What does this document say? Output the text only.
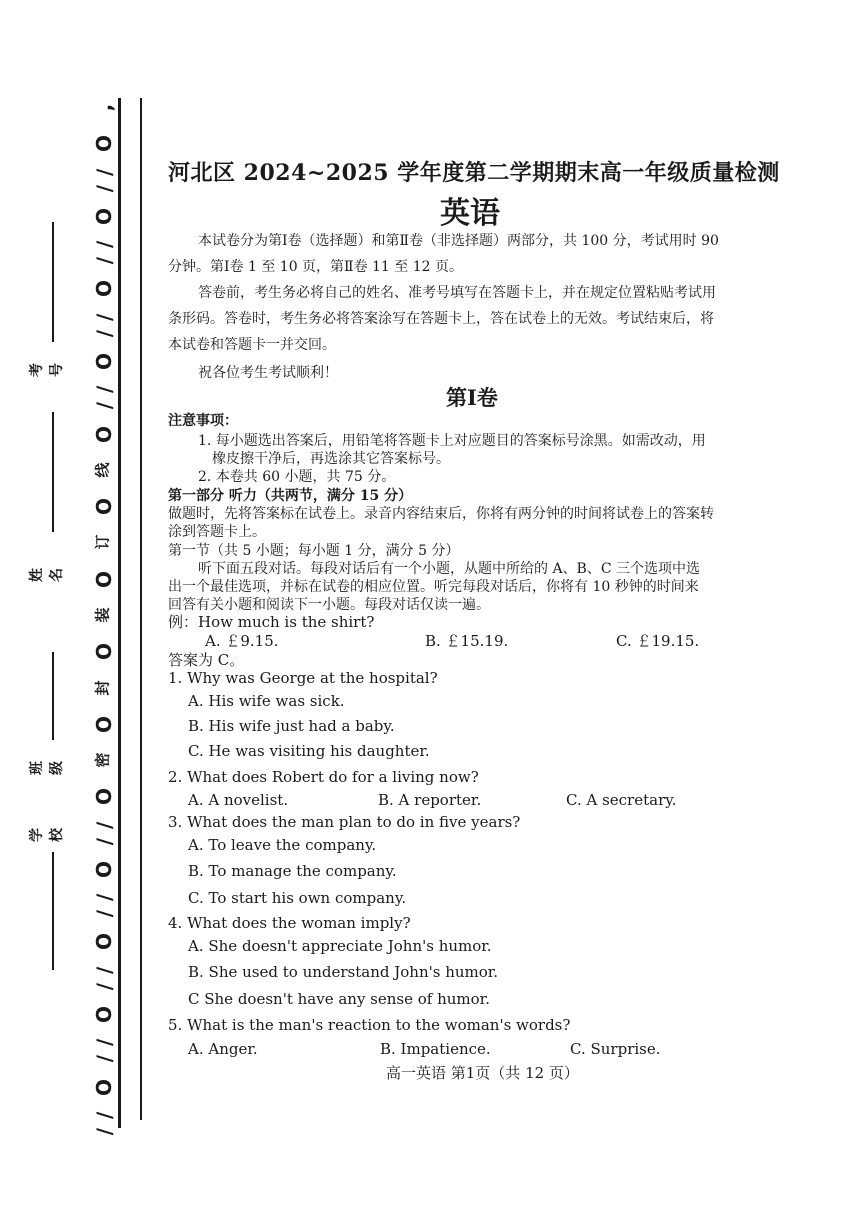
,
O
/ /
O
/ /
O
/ /
O
/ /
O
线
O
订
O
装
O
封
O
密
O
/ /
O
/ /
O
/ /
O
/ /
O
/ /
考号
姓名
班级
学校
河北区 2024~2025 学年度第二学期期末高一年级质量检测
英语
本试卷分为第Ⅰ卷（选择题）和第Ⅱ卷（非选择题）两部分，共 100 分，考试用时 90
分钟。第Ⅰ卷 1 至 10 页，第Ⅱ卷 11 至 12 页。
答卷前，考生务必将自己的姓名、准考号填写在答题卡上，并在规定位置粘贴考试用
条形码。答卷时，考生务必将答案涂写在答题卡上，答在试卷上的无效。考试结束后，将
本试卷和答题卡一并交回。
祝各位考生考试顺利！
第Ⅰ卷
注意事项：
1. 每小题选出答案后，用铅笔将答题卡上对应题目的答案标号涂黑。如需改动，用
橡皮擦干净后，再选涂其它答案标号。
2. 本卷共 60 小题，共 75 分。
第一部分 听力（共两节，满分 15 分）
做题时，先将答案标在试卷上。录音内容结束后，你将有两分钟的时间将试卷上的答案转
涂到答题卡上。
第一节（共 5 小题；每小题 1 分，满分 5 分）
听下面五段对话。每段对话后有一个小题，从题中所给的 A、B、C 三个选项中选
出一个最佳选项，并标在试卷的相应位置。听完每段对话后，你将有 10 秒钟的时间来
回答有关小题和阅读下一小题。每段对话仅读一遍。
例：How much is the shirt?
A. ￡9.15.	B. ￡15.19.	C. ￡19.15.
答案为 C。
1. Why was George at the hospital?
A. His wife was sick.
B. His wife just had a baby.
C. He was visiting his daughter.
2. What does Robert do for a living now?
A. A novelist.	B. A reporter.	C. A secretary.
3. What does the man plan to do in five years?
A. To leave the company.
B. To manage the company.
C. To start his own company.
4. What does the woman imply?
A. She doesn't appreciate John's humor.
B. She used to understand John's humor.
C She doesn't have any sense of humor.
5. What is the man's reaction to the woman's words?
A. Anger.	B. Impatience.	C. Surprise.
高一英语 第1页（共 12 页）
